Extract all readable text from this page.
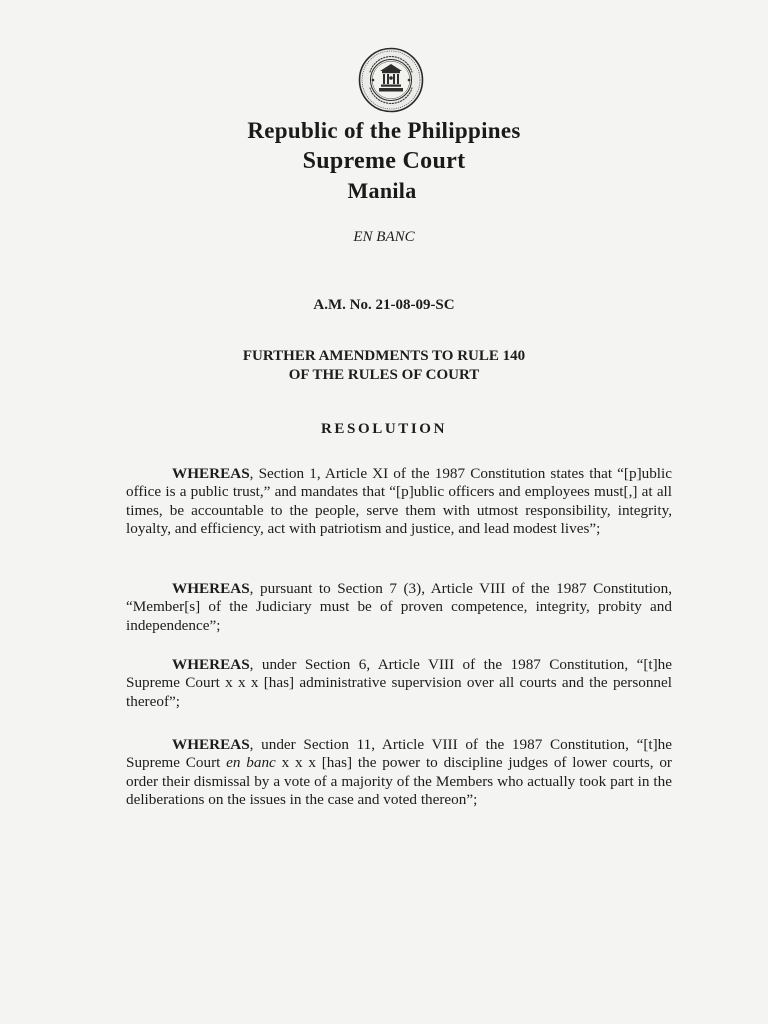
Republic of the Philippines
Supreme Court
Manila
EN BANC
A.M. No. 21-08-09-SC
FURTHER AMENDMENTS TO RULE 140
OF THE RULES OF COURT
RESOLUTION

WHEREAS, Section 1, Article XI of the 1987 Constitution states that “[p]ublic office is a public trust,” and mandates that “[p]ublic officers and employees must[,] at all times, be accountable to the people, serve them with utmost responsibility, integrity, loyalty, and efficiency, act with patriotism and justice, and lead modest lives”;

WHEREAS, pursuant to Section 7 (3), Article VIII of the 1987 Constitution, “Member[s] of the Judiciary must be of proven competence, integrity, probity and independence”;

WHEREAS, under Section 6, Article VIII of the 1987 Constitution, “[t]he Supreme Court x x x [has] administrative supervision over all courts and the personnel thereof”;

WHEREAS, under Section 11, Article VIII of the 1987 Constitution, “[t]he Supreme Court en banc x x x [has] the power to discipline judges of lower courts, or order their dismissal by a vote of a majority of the Members who actually took part in the deliberations on the issues in the case and voted thereon”;
